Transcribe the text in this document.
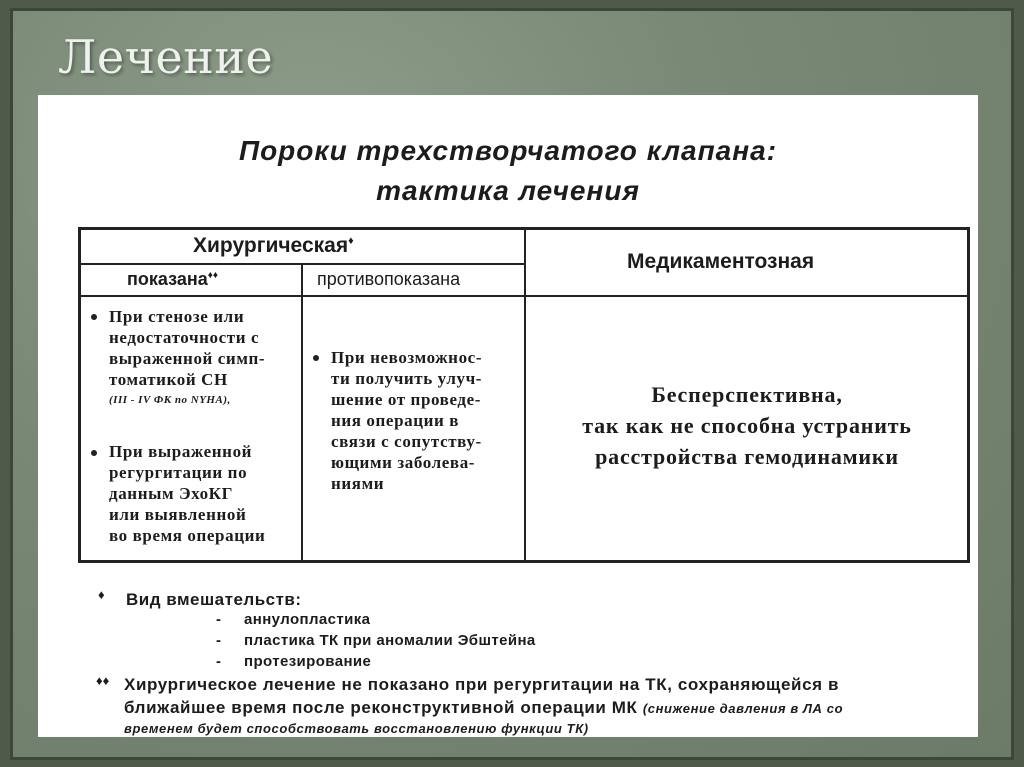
Лечение
Пороки трехстворчатого клапана:
тактика лечения
Хирургическая♦
показана♦♦	противопоказана
Медикаментозная
При стенозе или
недостаточности с
выраженной симп-
томатикой СН
(III - IV ФК по NYHA),
При выраженной
регургитации по
данным ЭхоКГ
или выявленной
во время операции
При невозможнос-
ти получить улуч-
шение от проведе-
ния операции в
связи с сопутству-
ющими заболева-
ниями
Бесперспективна,
так как не способна устранить
расстройства гемодинамики
♦ Вид вмешательств:
- аннулопластика
- пластика ТК при аномалии Эбштейна
- протезирование
♦♦ Хирургическое лечение не показано при регургитации на ТК, сохраняющейся в
ближайшее время после реконструктивной операции МК (снижение давления в ЛА со
временем будет способствовать восстановлению функции ТК)
